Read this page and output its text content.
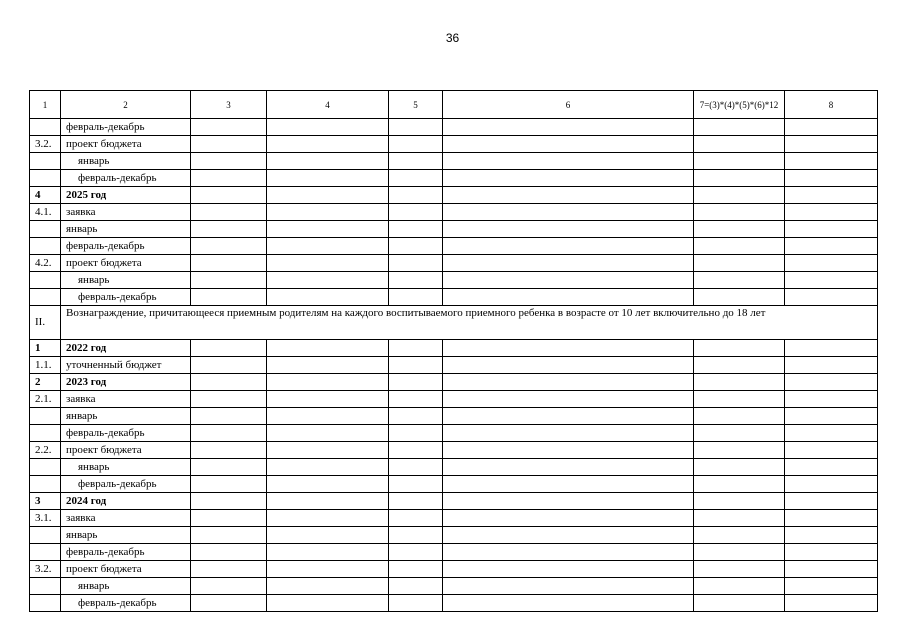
36
1	2	3	4	5	6	7=(3)*(4)*(5)*(6)*12	8
	февраль-декабрь						
3.2.	проект бюджета						
	январь						
	февраль-декабрь						
4	2025 год						
4.1.	заявка						
	январь						
	февраль-декабрь						
4.2.	проект бюджета						
	январь						
	февраль-декабрь						
II.	Вознаграждение, причитающееся приемным родителям на каждого воспитываемого приемного ребенка в возрасте от 10 лет включительно до 18 лет						
1	2022 год						
1.1.	уточненный бюджет						
2	2023 год						
2.1.	заявка						
	январь						
	февраль-декабрь						
2.2.	проект бюджета						
	январь						
	февраль-декабрь						
3	2024 год						
3.1.	заявка						
	январь						
	февраль-декабрь						
3.2.	проект бюджета						
	январь						
	февраль-декабрь						
